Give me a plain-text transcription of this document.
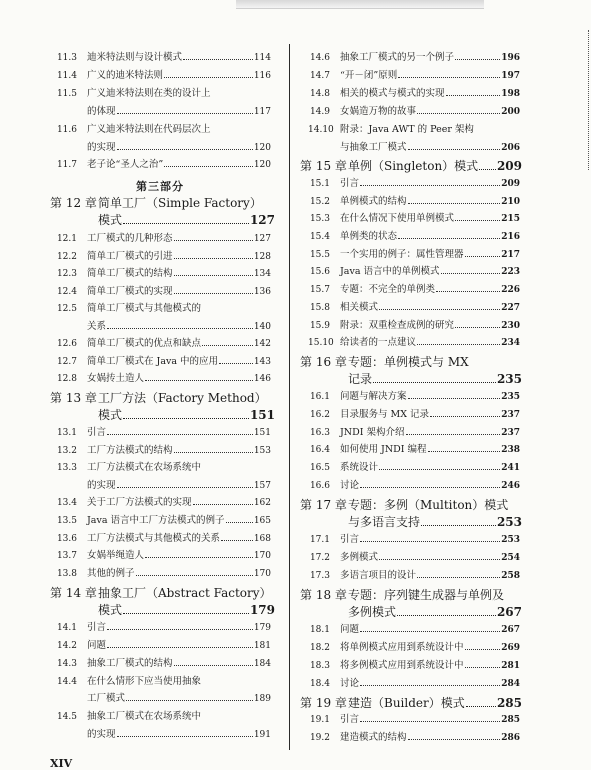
11.3 迪米特法则与设计模式	114
11.4 广义的迪米特法则	116
11.5 广义迪米特法则在类的设计上
的体现	117
11.6 广义迪米特法则在代码层次上
的实现	120
11.7 老子论“圣人之治”	120
第三部分
第 12 章 简单工厂（Simple Factory）
模式	127
12.1 工厂模式的几种形态	127
12.2 简单工厂模式的引进	128
12.3 简单工厂模式的结构	134
12.4 简单工厂模式的实现	136
12.5 简单工厂模式与其他模式的
关系	140
12.6 简单工厂模式的优点和缺点	142
12.7 简单工厂模式在 Java 中的应用	143
12.8 女娲抟土造人	146
第 13 章 工厂方法（Factory Method）
模式	151
13.1 引言	151
13.2 工厂方法模式的结构	153
13.3 工厂方法模式在农场系统中
的实现	157
13.4 关于工厂方法模式的实现	162
13.5 Java 语言中工厂方法模式的例子	165
13.6 工厂方法模式与其他模式的关系	168
13.7 女娲举绳造人	170
13.8 其他的例子	170
第 14 章 抽象工厂（Abstract Factory）
模式	179
14.1 引言	179
14.2 问题	181
14.3 抽象工厂模式的结构	184
14.4 在什么情形下应当使用抽象
工厂模式	189
14.5 抽象工厂模式在农场系统中
的实现	191
14.6 抽象工厂模式的另一个例子	196
14.7 “开－闭”原则	197
14.8 相关的模式与模式的实现	198
14.9 女娲造万物的故事	200
14.10 附录：Java AWT 的 Peer 架构
与抽象工厂模式	206
第 15 章 单例（Singleton）模式 209
15.1 引言	209
15.2 单例模式的结构	210
15.3 在什么情况下使用单例模式	215
15.4 单例类的状态	216
15.5 一个实用的例子：属性管理器	217
15.6 Java 语言中的单例模式	223
15.7 专题：不完全的单例类	226
15.8 相关模式	227
15.9 附录：双重检查成例的研究	230
15.10 给读者的一点建议	234
第 16 章 专题：单例模式与 MX
记录	235
16.1 问题与解决方案	235
16.2 目录服务与 MX 记录	237
16.3 JNDI 架构介绍	237
16.4 如何使用 JNDI 编程	238
16.5 系统设计	241
16.6 讨论	246
第 17 章 专题：多例（Multiton）模式
与多语言支持	253
17.1 引言	253
17.2 多例模式	254
17.3 多语言项目的设计	258
第 18 章 专题：序列键生成器与单例及
多例模式	267
18.1 问题	267
18.2 将单例模式应用到系统设计中	269
18.3 将多例模式应用到系统设计中	281
18.4 讨论	284
第 19 章 建造（Builder）模式	285
19.1 引言	285
19.2 建造模式的结构	286
XIV
